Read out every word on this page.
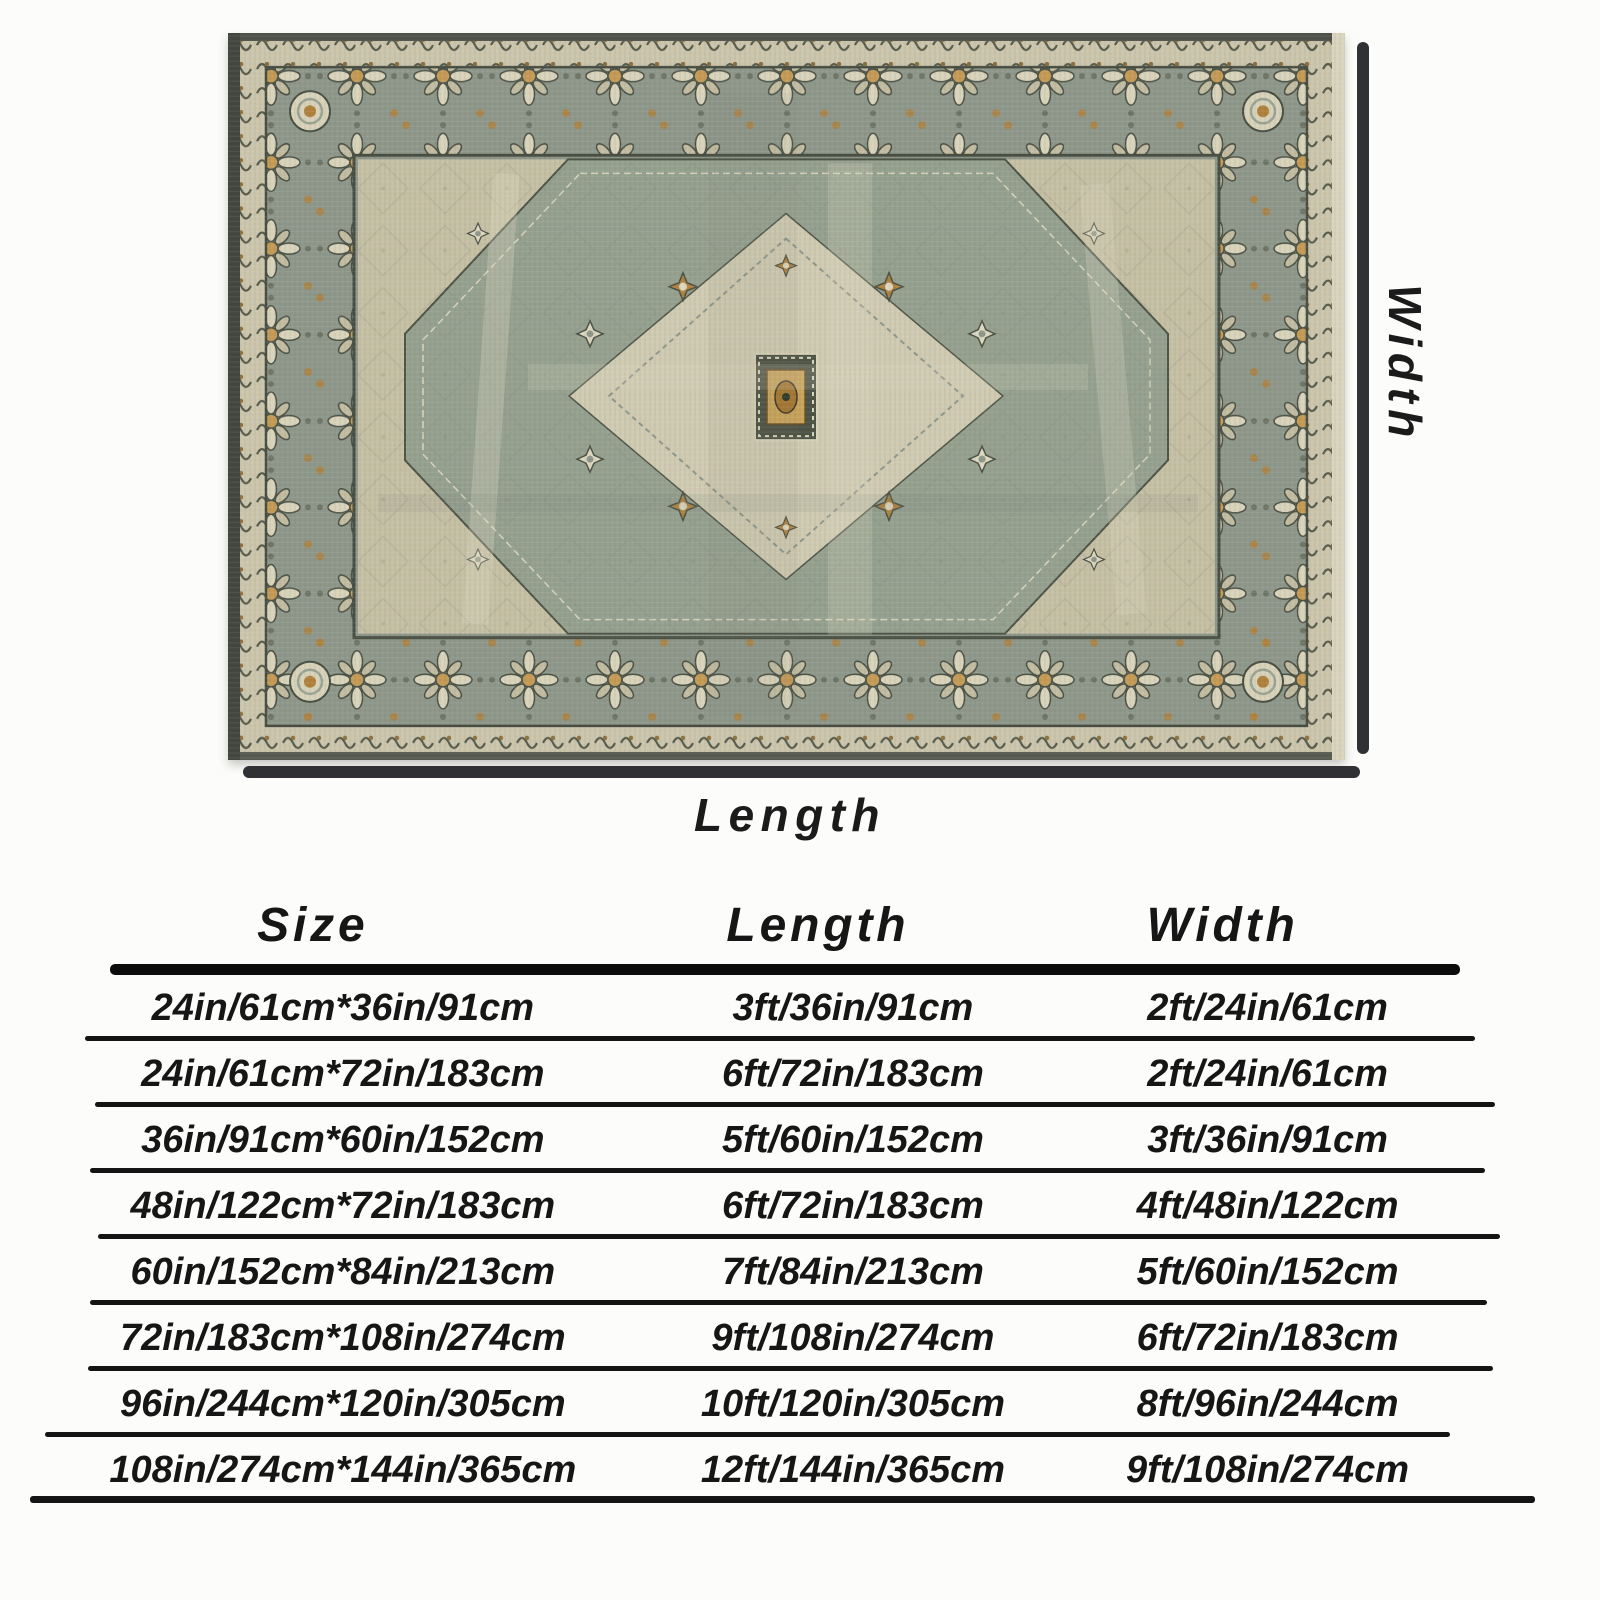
Length
Width
Size	Length	Width
24in/61cm*36in/91cm	3ft/36in/91cm	2ft/24in/61cm
24in/61cm*72in/183cm	6ft/72in/183cm	2ft/24in/61cm
36in/91cm*60in/152cm	5ft/60in/152cm	3ft/36in/91cm
48in/122cm*72in/183cm	6ft/72in/183cm	4ft/48in/122cm
60in/152cm*84in/213cm	7ft/84in/213cm	5ft/60in/152cm
72in/183cm*108in/274cm	9ft/108in/274cm	6ft/72in/183cm
96in/244cm*120in/305cm	10ft/120in/305cm	8ft/96in/244cm
108in/274cm*144in/365cm	12ft/144in/365cm	9ft/108in/274cm
